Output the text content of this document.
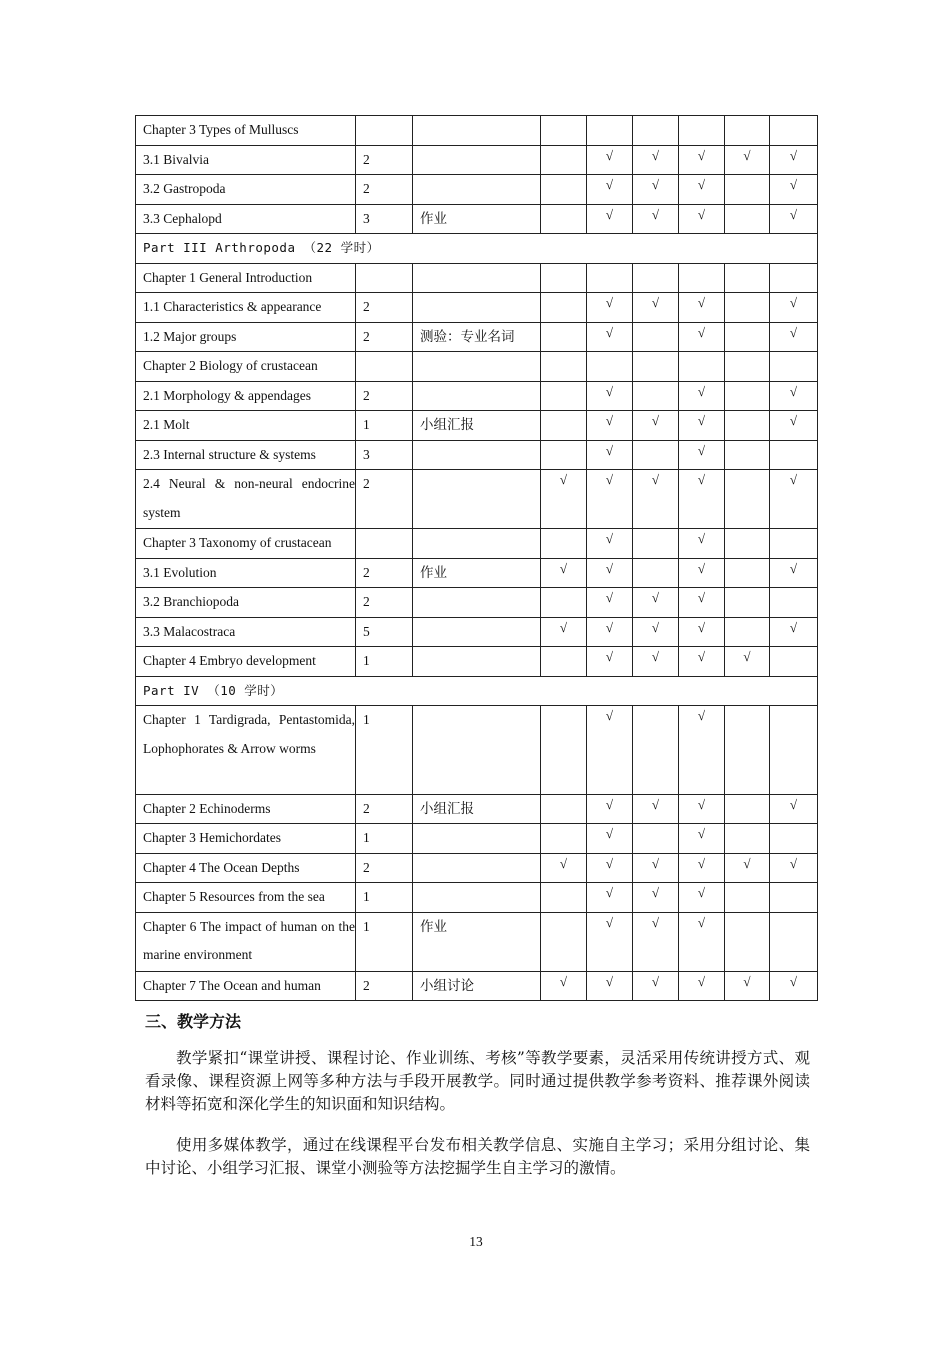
Chapter 3 Types of Mulluscs								
3.1 Bivalvia	2			√	√	√	√	√
3.2 Gastropoda	2			√	√	√		√
3.3 Cephalopd	3	作业		√	√	√		√
Part III Arthropoda （22 学时）								
Chapter 1 General Introduction								
1.1 Characteristics & appearance	2			√	√	√		√
1.2 Major groups	2	测验：专业名词		√		√		√
Chapter 2 Biology of crustacean								
2.1 Morphology & appendages	2			√		√		√
2.1 Molt	1	小组汇报		√	√	√		√
2.3 Internal structure & systems	3			√		√		
2.4 Neural & non-neural endocrine system	2		√	√	√	√		√
Chapter 3 Taxonomy of crustacean				√		√		
3.1 Evolution	2	作业	√	√		√		√
3.2 Branchiopoda	2			√	√	√		
3.3 Malacostraca	5		√	√	√	√		√
Chapter 4 Embryo development	1			√	√	√	√	
Part IV （10 学时）								
Chapter 1 Tardigrada, Pentastomida, Lophophorates & Arrow worms	1			√		√		
Chapter 2 Echinoderms	2	小组汇报		√	√	√		√
Chapter 3 Hemichordates	1			√		√		
Chapter 4 The Ocean Depths	2		√	√	√	√	√	√
Chapter 5 Resources from the sea	1			√	√	√		
Chapter 6 The impact of human on the marine environment	1	作业		√	√	√		
Chapter 7 The Ocean and human	2	小组讨论	√	√	√	√	√	√
三、教学方法

教学紧扣“课堂讲授、课程讨论、作业训练、考核”等教学要素，灵活采用传统讲授方式、观看录像、课程资源上网等多种方法与手段开展教学。同时通过提供教学参考资料、推荐课外阅读材料等拓宽和深化学生的知识面和知识结构。

使用多媒体教学，通过在线课程平台发布相关教学信息、实施自主学习；采用分组讨论、集中讨论、小组学习汇报、课堂小测验等方法挖掘学生自主学习的激情。

13
